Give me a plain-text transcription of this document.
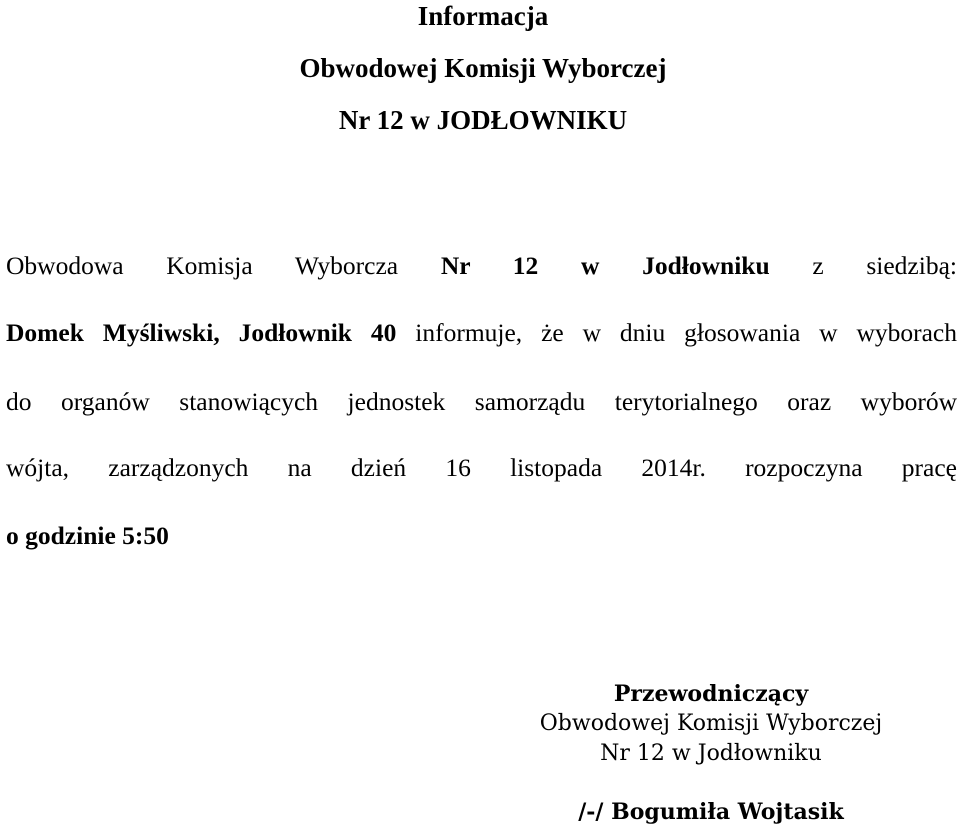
Informacja
Obwodowej Komisji Wyborczej
Nr 12 w JODŁOWNIKU
Obwodowa Komisja Wyborcza Nr 12 w Jodłowniku z siedzibą:
Domek Myśliwski, Jodłownik 40 informuje, że w dniu głosowania w wyborach
do organów stanowiących jednostek samorządu terytorialnego oraz wyborów
wójta, zarządzonych na dzień 16 listopada 2014r. rozpoczyna pracę
o godzinie 5:50
Przewodniczący
Obwodowej Komisji Wyborczej
Nr 12 w Jodłowniku
/-/ Bogumiła Wojtasik
